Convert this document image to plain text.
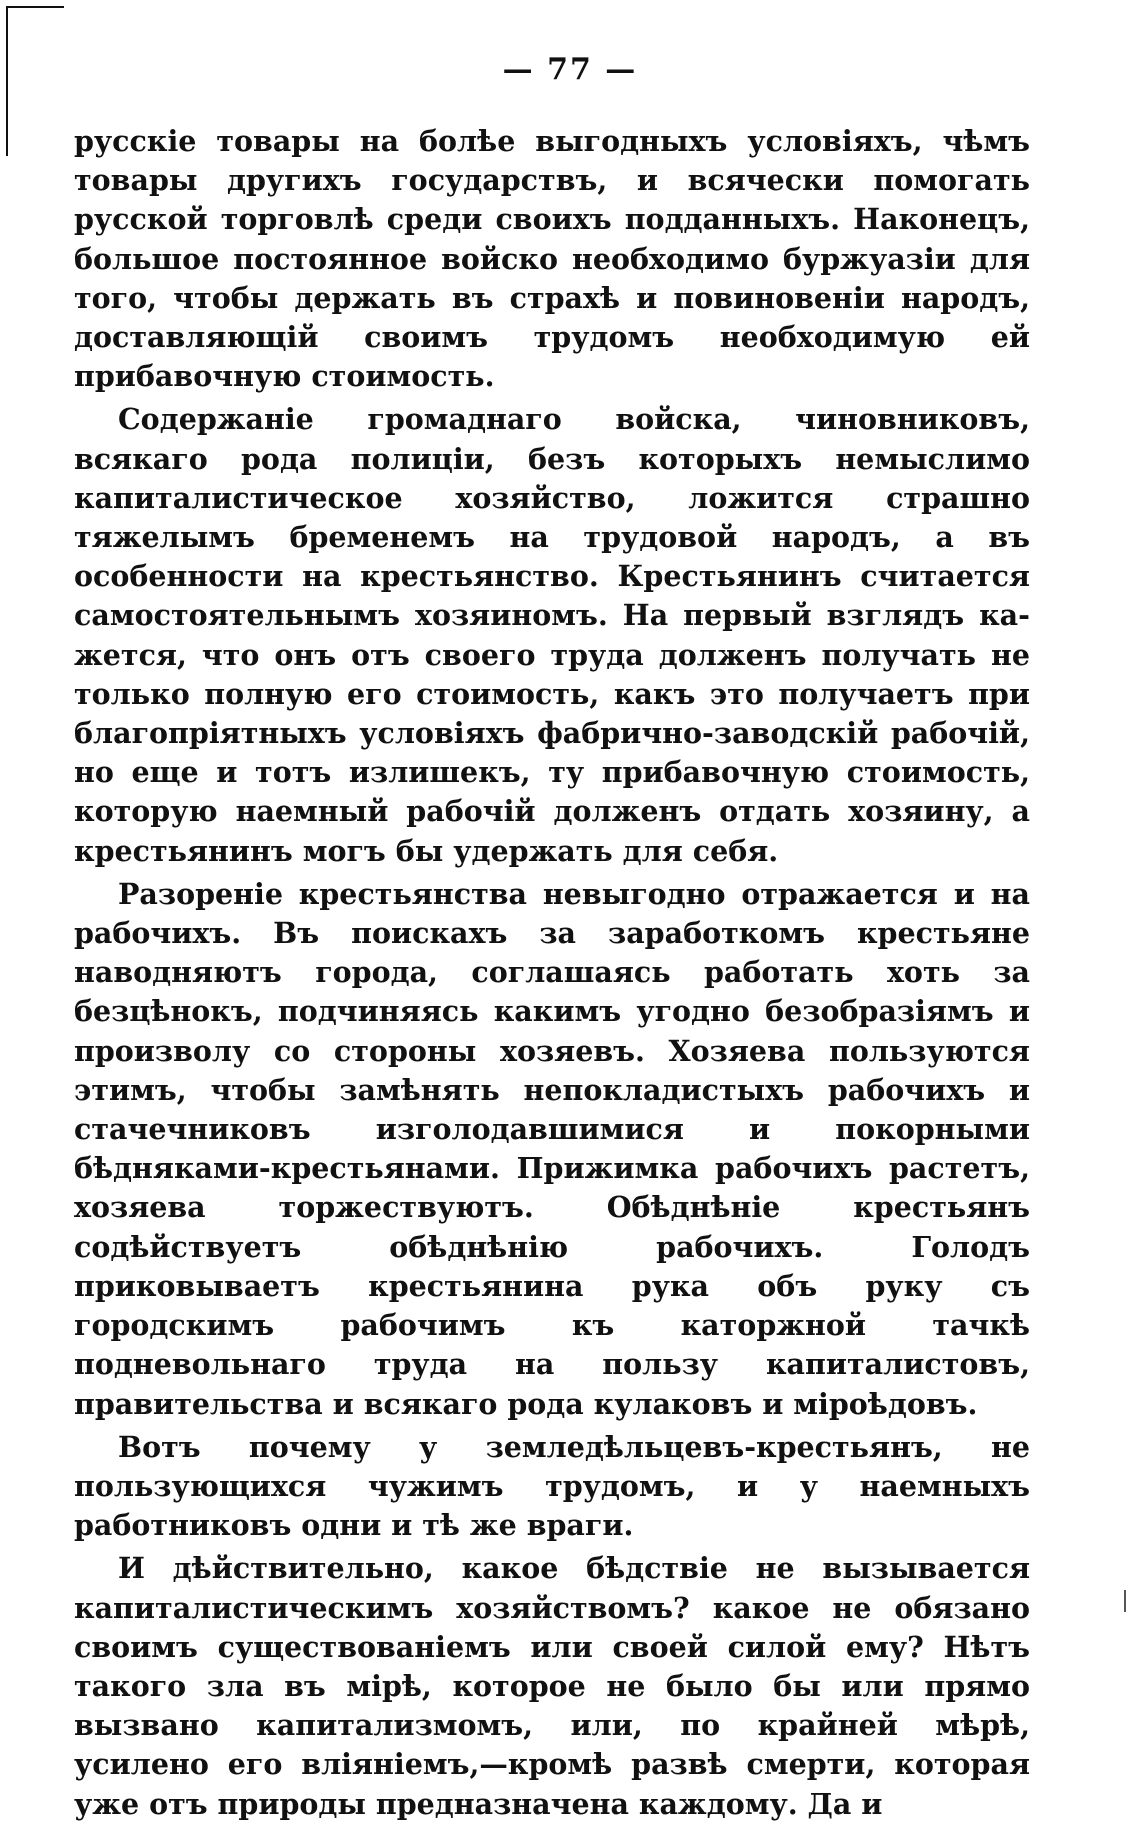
— 77 —

русскіе товары на болѣе выгодныхъ условіяхъ, чѣмъ товары другихъ государствъ, и всячески помогать русской торговлѣ среди своихъ подданныхъ. Наконецъ, большое постоянное войско необходимо буржуазіи для того, чтобы держать въ страхѣ и повиновеніи народъ, доставляющій своимъ трудомъ необходимую ей прибавочную стоимость.

Содержаніе громаднаго войска, чиновниковъ, всякаго рода полиціи, безъ которыхъ немыслимо капиталистическое хозяйство, ложится страшно тяжелымъ бременемъ на трудовой народъ, а въ особенности на крестьянство. Крестьянинъ считается самостоятельнымъ хозяиномъ. На первый взглядъ кажется, что онъ отъ своего труда долженъ получать не только полную его стоимость, какъ это получаетъ при благопріятныхъ условіяхъ фабрично-заводскій рабочій, но еще и тотъ излишекъ, ту прибавочную стоимость, которую наемный рабочій долженъ отдать хозяину, а крестьянинъ могъ бы удержать для себя.

Разореніе крестьянства невыгодно отражается и на рабочихъ. Въ поискахъ за заработкомъ крестьяне наводняютъ города, соглашаясь работать хоть за безцѣнокъ, подчиняясь какимъ угодно безобразіямъ и произволу со стороны хозяевъ. Хозяева пользуются этимъ, чтобы замѣнять непокладистыхъ рабочихъ и стачечниковъ изголодавшимися и покорными бѣдняками-крестьянами. Прижимка рабочихъ растетъ, хозяева торжествуютъ. Обѣднѣніе крестьянъ содѣйствуетъ обѣднѣнію рабочихъ. Голодъ приковываетъ крестьянина рука объ руку съ городскимъ рабочимъ къ каторжной тачкѣ подневольнаго труда на пользу капиталистовъ, правительства и всякаго рода кулаковъ и міроѣдовъ.

Вотъ почему у земледѣльцевъ-крестьянъ, не пользующихся чужимъ трудомъ, и у наемныхъ работниковъ одни и тѣ же враги.

И дѣйствительно, какое бѣдствіе не вызывается капиталистическимъ хозяйствомъ? какое не обязано своимъ существованіемъ или своей силой ему? Нѣтъ такого зла въ мірѣ, которое не было бы или прямо вызвано капитализмомъ, или, по крайней мѣрѣ, усилено его вліяніемъ,—кромѣ развѣ смерти, которая уже отъ природы предназначена каждому. Да и
